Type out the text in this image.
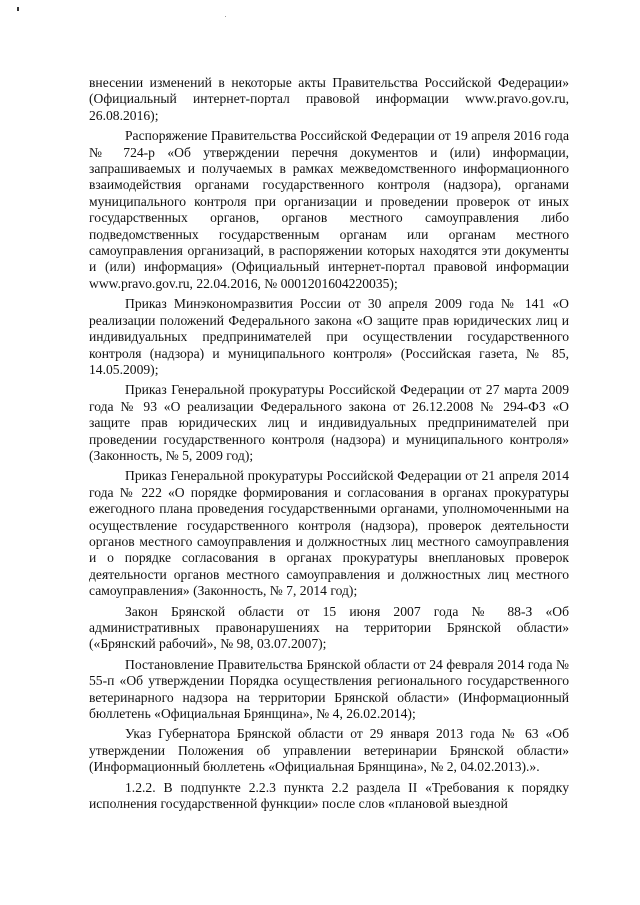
внесении изменений в некоторые акты Правительства Российской Федерации» (Официальный интернет-портал правовой информации www.pravo.gov.ru, 26.08.2016);

Распоряжение Правительства Российской Федерации от 19 апреля 2016 года № 724-р «Об утверждении перечня документов и (или) информации, запрашиваемых и получаемых в рамках межведомственного информационного взаимодействия органами государственного контроля (надзора), органами муниципального контроля при организации и проведении проверок от иных государственных органов, органов местного самоуправления либо подведомственных государственным органам или органам местного самоуправления организаций, в распоряжении которых находятся эти документы и (или) информация» (Официальный интернет-портал правовой информации www.pravo.gov.ru, 22.04.2016, № 0001201604220035);

Приказ Минэкономразвития России от 30 апреля 2009 года № 141 «О реализации положений Федерального закона «О защите прав юридических лиц и индивидуальных предпринимателей при осуществлении государственного контроля (надзора) и муниципального контроля» (Российская газета, № 85, 14.05.2009);

Приказ Генеральной прокуратуры Российской Федерации от 27 марта 2009 года № 93 «О реализации Федерального закона от 26.12.2008 № 294-ФЗ «О защите прав юридических лиц и индивидуальных предпринимателей при проведении государственного контроля (надзора) и муниципального контроля» (Законность, № 5, 2009 год);

Приказ Генеральной прокуратуры Российской Федерации от 21 апреля 2014 года № 222 «О порядке формирования и согласования в органах прокуратуры ежегодного плана проведения государственными органами, уполномоченными на осуществление государственного контроля (надзора), проверок деятельности органов местного самоуправления и должностных лиц местного самоуправления и о порядке согласования в органах прокуратуры внеплановых проверок деятельности органов местного самоуправления и должностных лиц местного самоуправления» (Законность, № 7, 2014 год);

Закон Брянской области от 15 июня 2007 года № 88-З «Об административных правонарушениях на территории Брянской области» («Брянский рабочий», № 98, 03.07.2007);

Постановление Правительства Брянской области от 24 февраля 2014 года № 55-п «Об утверждении Порядка осуществления регионального государственного ветеринарного надзора на территории Брянской области» (Информационный бюллетень «Официальная Брянщина», № 4, 26.02.2014);

Указ Губернатора Брянской области от 29 января 2013 года № 63 «Об утверждении Положения об управлении ветеринарии Брянской области» (Информационный бюллетень «Официальная Брянщина», № 2, 04.02.2013).».

1.2.2. В подпункте 2.2.3 пункта 2.2 раздела II «Требования к порядку исполнения государственной функции» после слов «плановой выездной
